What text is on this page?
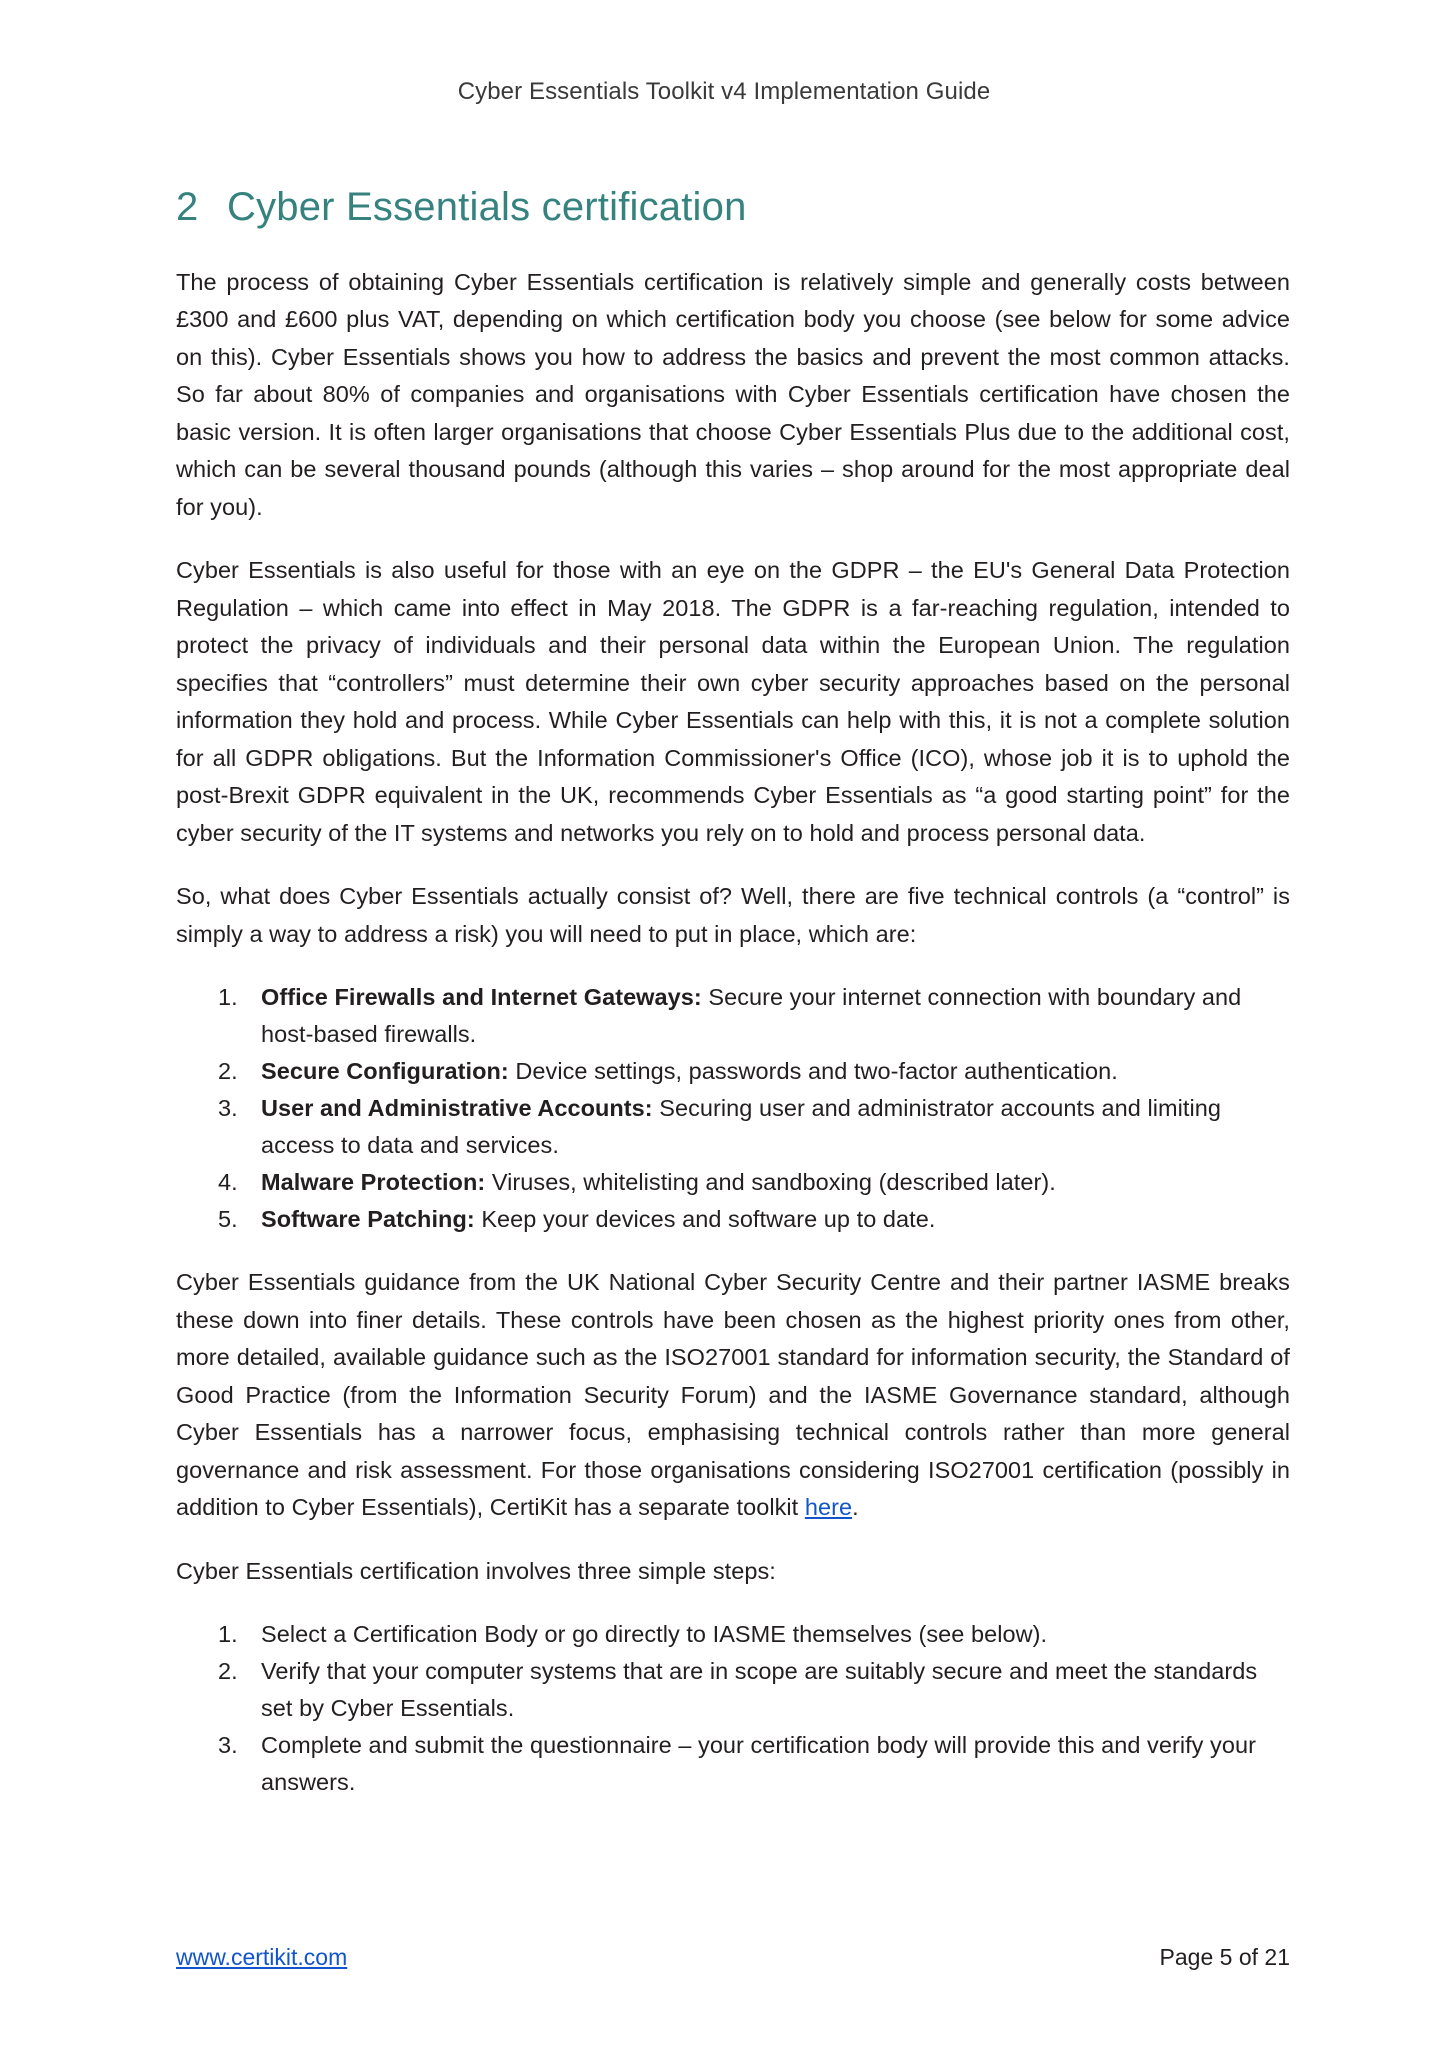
Cyber Essentials Toolkit v4 Implementation Guide
2 Cyber Essentials certification

The process of obtaining Cyber Essentials certification is relatively simple and generally costs between £300 and £600 plus VAT, depending on which certification body you choose (see below for some advice on this). Cyber Essentials shows you how to address the basics and prevent the most common attacks. So far about 80% of companies and organisations with Cyber Essentials certification have chosen the basic version. It is often larger organisations that choose Cyber Essentials Plus due to the additional cost, which can be several thousand pounds (although this varies – shop around for the most appropriate deal for you).

Cyber Essentials is also useful for those with an eye on the GDPR – the EU's General Data Protection Regulation – which came into effect in May 2018. The GDPR is a far-reaching regulation, intended to protect the privacy of individuals and their personal data within the European Union. The regulation specifies that “controllers” must determine their own cyber security approaches based on the personal information they hold and process. While Cyber Essentials can help with this, it is not a complete solution for all GDPR obligations. But the Information Commissioner's Office (ICO), whose job it is to uphold the post-Brexit GDPR equivalent in the UK, recommends Cyber Essentials as “a good starting point” for the cyber security of the IT systems and networks you rely on to hold and process personal data.

So, what does Cyber Essentials actually consist of? Well, there are five technical controls (a “control” is simply a way to address a risk) you will need to put in place, which are:

Office Firewalls and Internet Gateways: Secure your internet connection with boundary and host-based firewalls.
Secure Configuration: Device settings, passwords and two-factor authentication.
User and Administrative Accounts: Securing user and administrator accounts and limiting access to data and services.
Malware Protection: Viruses, whitelisting and sandboxing (described later).
Software Patching: Keep your devices and software up to date.

Cyber Essentials guidance from the UK National Cyber Security Centre and their partner IASME breaks these down into finer details. These controls have been chosen as the highest priority ones from other, more detailed, available guidance such as the ISO27001 standard for information security, the Standard of Good Practice (from the Information Security Forum) and the IASME Governance standard, although Cyber Essentials has a narrower focus, emphasising technical controls rather than more general governance and risk assessment. For those organisations considering ISO27001 certification (possibly in addition to Cyber Essentials), CertiKit has a separate toolkit here.

Cyber Essentials certification involves three simple steps:

Select a Certification Body or go directly to IASME themselves (see below).
Verify that your computer systems that are in scope are suitably secure and meet the standards set by Cyber Essentials.
Complete and submit the questionnaire – your certification body will provide this and verify your answers.
www.certikit.com	Page 5 of 21
